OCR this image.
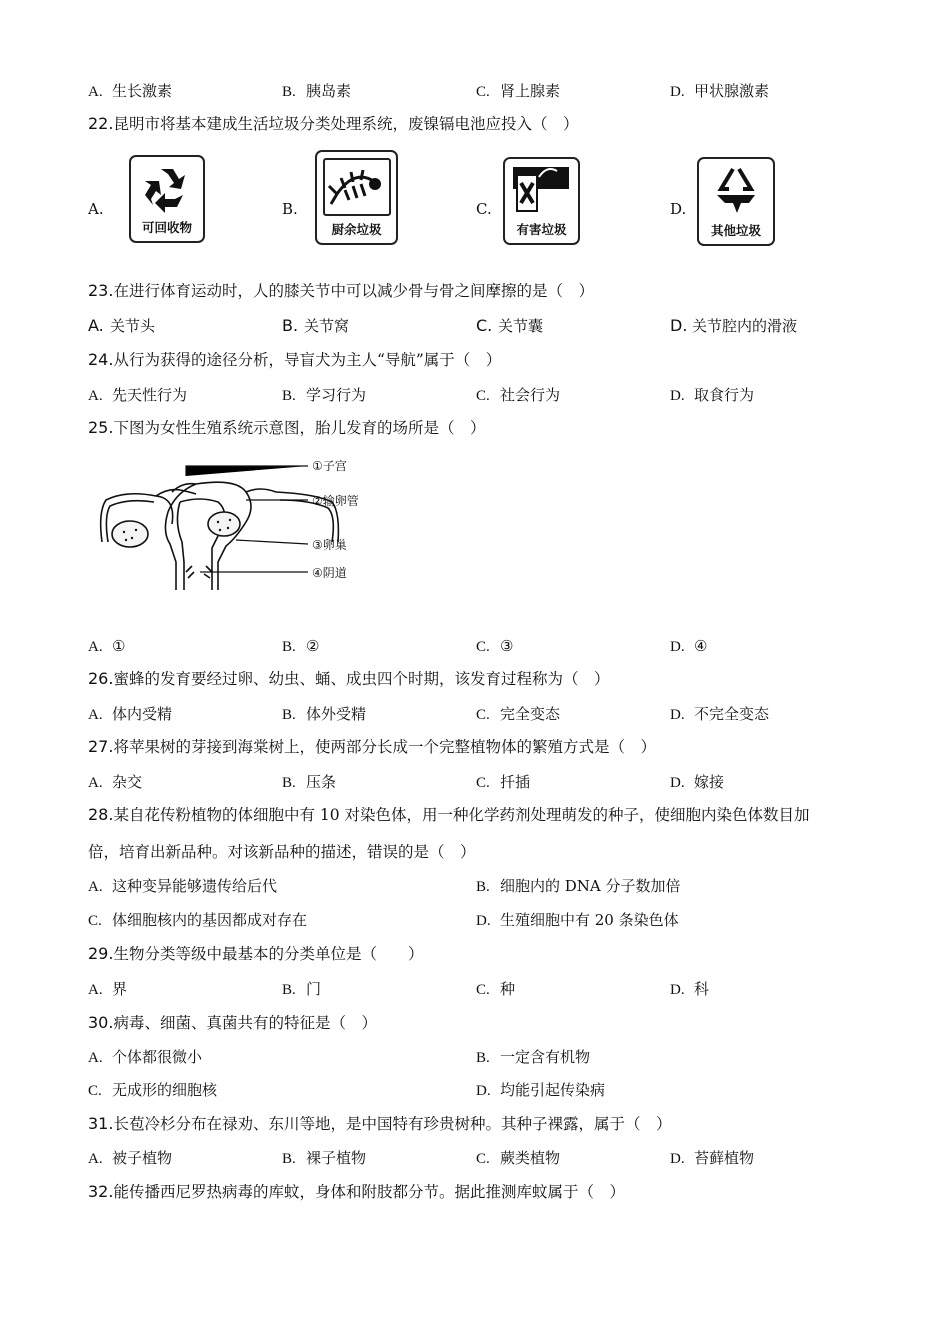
A. 生长激素	B. 胰岛素	C. 肾上腺素	D. 甲状腺激素
22.昆明市将基本建成生活垃圾分类处理系统，废镍镉电池应投入（　）
A.
可回收物
B.
厨余垃圾
C.
有害垃圾
D.
其他垃圾
23.在进行体育运动时，人的膝关节中可以减少骨与骨之间摩擦的是（　）
A. 关节头	B. 关节窝	C. 关节囊	D. 关节腔内的滑液
24.从行为获得的途径分析，导盲犬为主人“导航”属于（　）
A. 先天性行为	B. 学习行为	C. 社会行为	D. 取食行为
25.下图为女性生殖系统示意图，胎儿发育的场所是（　）
①子宫
②输卵管
③卵巢
④阴道
A. ①	B. ②	C. ③	D. ④
26.蜜蜂的发育要经过卵、幼虫、蛹、成虫四个时期，该发育过程称为（　）
A. 体内受精	B. 体外受精	C. 完全变态	D. 不完全变态
27.将苹果树的芽接到海棠树上，使两部分长成一个完整植物体的繁殖方式是（　）
A. 杂交	B. 压条	C. 扦插	D. 嫁接
28.某自花传粉植物的体细胞中有 10 对染色体，用一种化学药剂处理萌发的种子，使细胞内染色体数目加
倍，培育出新品种。对该新品种的描述，错误的是（　）
A. 这种变异能够遗传给后代	B. 细胞内的 DNA 分子数加倍
C. 体细胞核内的基因都成对存在	D. 生殖细胞中有 20 条染色体
29.生物分类等级中最基本的分类单位是（　　）
A. 界	B. 门	C. 种	D. 科
30.病毒、细菌、真菌共有的特征是（　）
A. 个体都很微小	B. 一定含有机物
C. 无成形的细胞核	D. 均能引起传染病
31.长苞冷杉分布在禄劝、东川等地，是中国特有珍贵树种。其种子裸露，属于（　）
A. 被子植物	B. 裸子植物	C. 蕨类植物	D. 苔藓植物
32.能传播西尼罗热病毒的库蚊，身体和附肢都分节。据此推测库蚊属于（　）
